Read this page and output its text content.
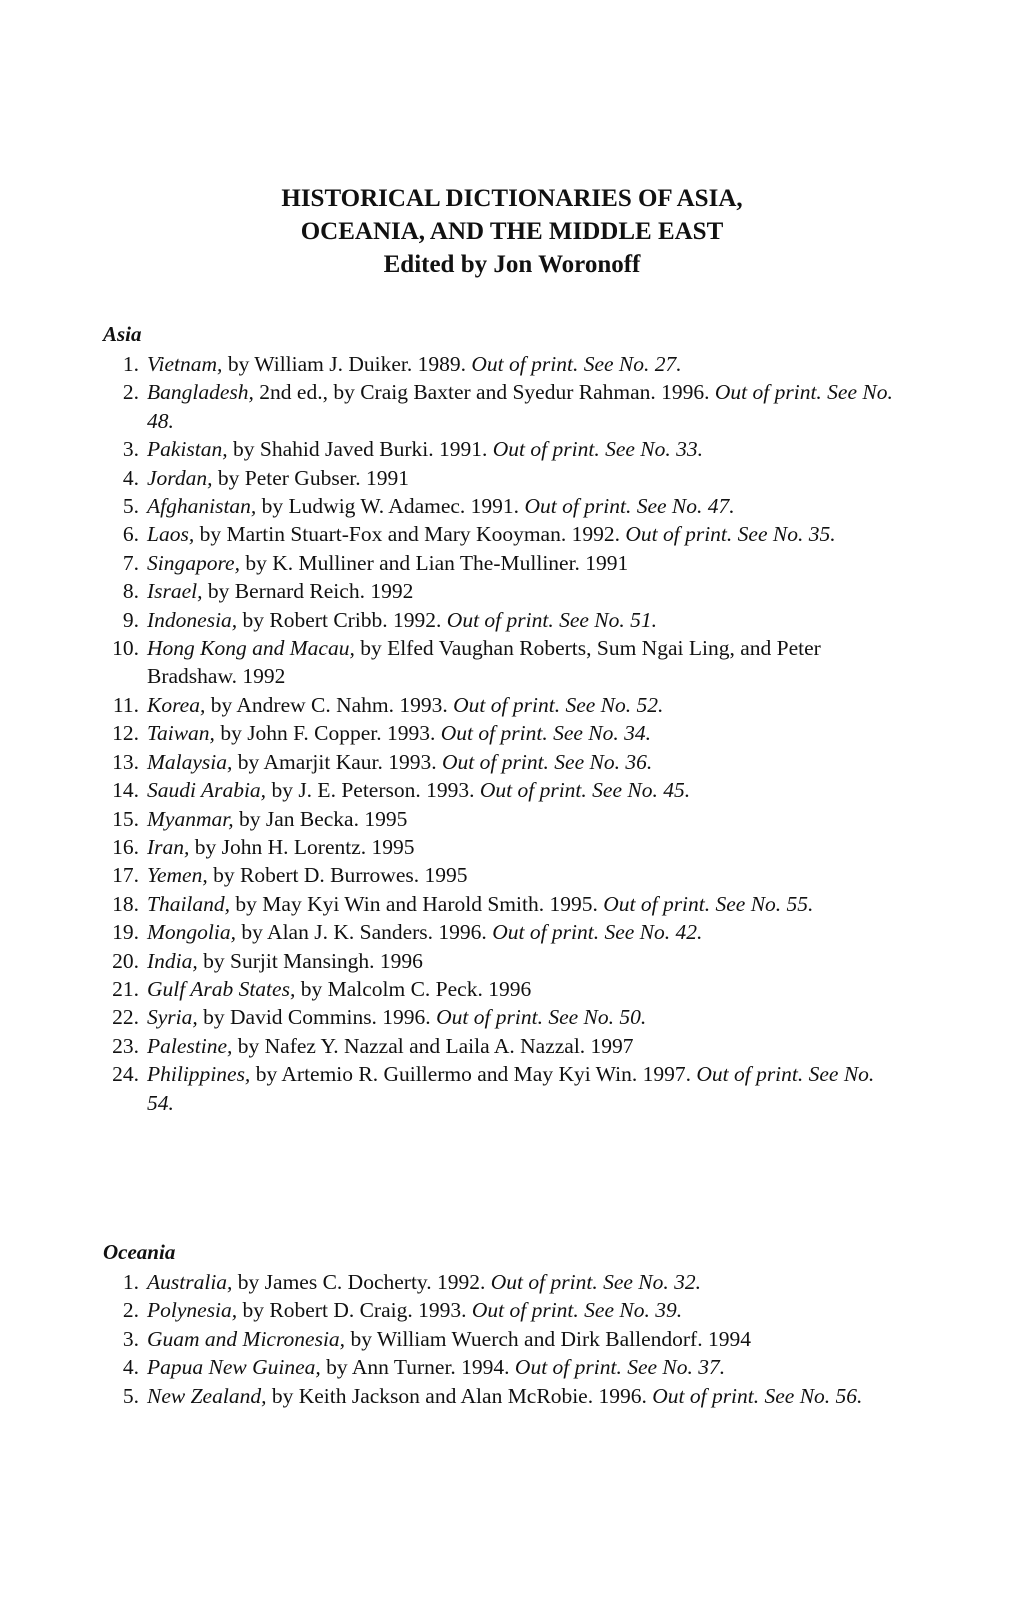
HISTORICAL DICTIONARIES OF ASIA,
OCEANIA, AND THE MIDDLE EAST
Edited by Jon Woronoff
Asia
1. Vietnam, by William J. Duiker. 1989. Out of print. See No. 27.
2. Bangladesh, 2nd ed., by Craig Baxter and Syedur Rahman. 1996. Out of print. See No. 48.
3. Pakistan, by Shahid Javed Burki. 1991. Out of print. See No. 33.
4. Jordan, by Peter Gubser. 1991
5. Afghanistan, by Ludwig W. Adamec. 1991. Out of print. See No. 47.
6. Laos, by Martin Stuart-Fox and Mary Kooyman. 1992. Out of print. See No. 35.
7. Singapore, by K. Mulliner and Lian The-Mulliner. 1991
8. Israel, by Bernard Reich. 1992
9. Indonesia, by Robert Cribb. 1992. Out of print. See No. 51.
10. Hong Kong and Macau, by Elfed Vaughan Roberts, Sum Ngai Ling, and Peter Bradshaw. 1992
11. Korea, by Andrew C. Nahm. 1993. Out of print. See No. 52.
12. Taiwan, by John F. Copper. 1993. Out of print. See No. 34.
13. Malaysia, by Amarjit Kaur. 1993. Out of print. See No. 36.
14. Saudi Arabia, by J. E. Peterson. 1993. Out of print. See No. 45.
15. Myanmar, by Jan Becka. 1995
16. Iran, by John H. Lorentz. 1995
17. Yemen, by Robert D. Burrowes. 1995
18. Thailand, by May Kyi Win and Harold Smith. 1995. Out of print. See No. 55.
19. Mongolia, by Alan J. K. Sanders. 1996. Out of print. See No. 42.
20. India, by Surjit Mansingh. 1996
21. Gulf Arab States, by Malcolm C. Peck. 1996
22. Syria, by David Commins. 1996. Out of print. See No. 50.
23. Palestine, by Nafez Y. Nazzal and Laila A. Nazzal. 1997
24. Philippines, by Artemio R. Guillermo and May Kyi Win. 1997. Out of print. See No. 54.
Oceania
1. Australia, by James C. Docherty. 1992. Out of print. See No. 32.
2. Polynesia, by Robert D. Craig. 1993. Out of print. See No. 39.
3. Guam and Micronesia, by William Wuerch and Dirk Ballendorf. 1994
4. Papua New Guinea, by Ann Turner. 1994. Out of print. See No. 37.
5. New Zealand, by Keith Jackson and Alan McRobie. 1996. Out of print. See No. 56.
